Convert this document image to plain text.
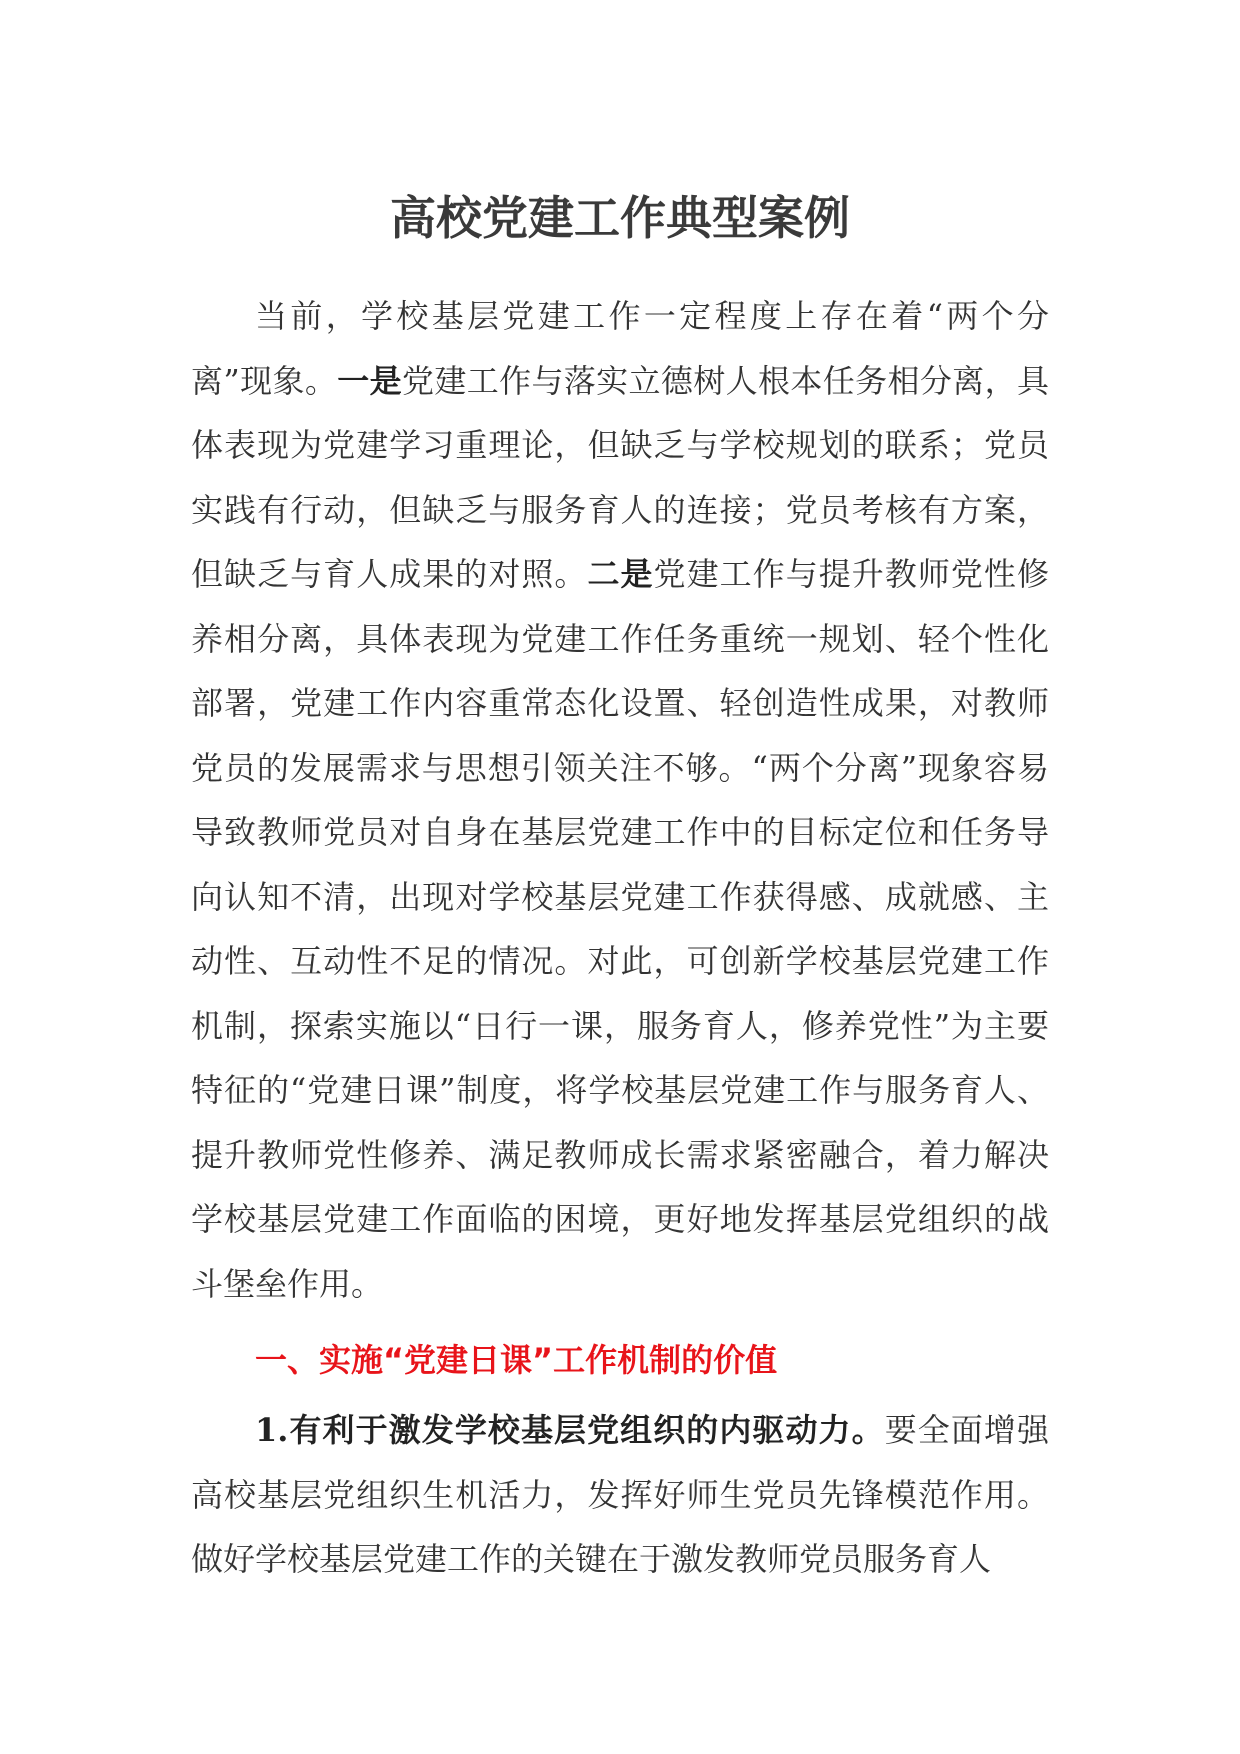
高校党建工作典型案例

当前，学校基层党建工作一定程度上存在着“两个分离”现象。一是党建工作与落实立德树人根本任务相分离，具体表现为党建学习重理论，但缺乏与学校规划的联系；党员实践有行动，但缺乏与服务育人的连接；党员考核有方案，但缺乏与育人成果的对照。二是党建工作与提升教师党性修养相分离，具体表现为党建工作任务重统一规划、轻个性化部署，党建工作内容重常态化设置、轻创造性成果，对教师党员的发展需求与思想引领关注不够。“两个分离”现象容易导致教师党员对自身在基层党建工作中的目标定位和任务导向认知不清，出现对学校基层党建工作获得感、成就感、主动性、互动性不足的情况。对此，可创新学校基层党建工作机制，探索实施以“日行一课，服务育人，修养党性”为主要特征的“党建日课”制度，将学校基层党建工作与服务育人、提升教师党性修养、满足教师成长需求紧密融合，着力解决学校基层党建工作面临的困境，更好地发挥基层党组织的战斗堡垒作用。

一、实施“党建日课”工作机制的价值

1.有利于激发学校基层党组织的内驱动力。要全面增强高校基层党组织生机活力，发挥好师生党员先锋模范作用。做好学校基层党建工作的关键在于激发教师党员服务育人
